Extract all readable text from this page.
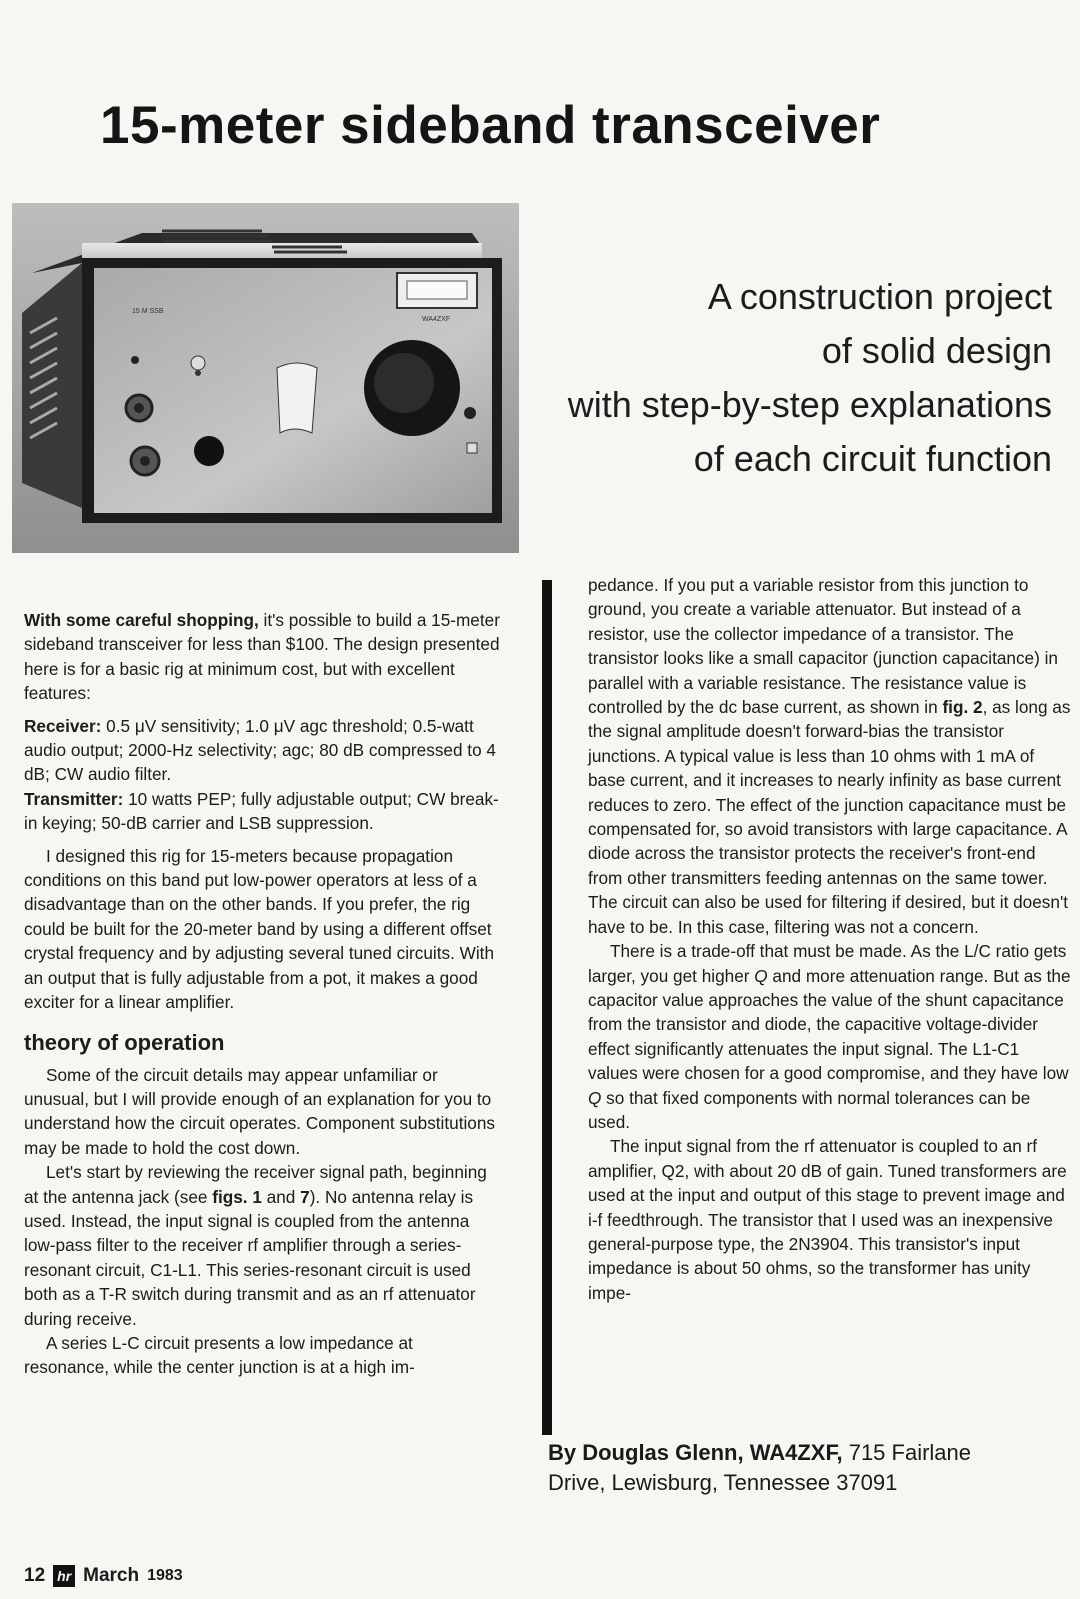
15-meter sideband transceiver
15 M SSB
WA4ZXF
A construction project
of solid design
with step-by-step explanations
of each circuit function

With some careful shopping, it's possible to build a 15-meter sideband transceiver for less than $100. The design presented here is for a basic rig at minimum cost, but with excellent features:

Receiver: 0.5 μV sensitivity; 1.0 μV agc threshold; 0.5-watt audio output; 2000-Hz selectivity; agc; 80 dB compressed to 4 dB; CW audio filter.

Transmitter: 10 watts PEP; fully adjustable output; CW break-in keying; 50-dB carrier and LSB suppression.

I designed this rig for 15-meters because propagation conditions on this band put low-power operators at less of a disadvantage than on the other bands. If you prefer, the rig could be built for the 20-meter band by using a different offset crystal frequency and by adjusting several tuned circuits. With an output that is fully adjustable from a pot, it makes a good exciter for a linear amplifier.

theory of operation

Some of the circuit details may appear unfamiliar or unusual, but I will provide enough of an explanation for you to understand how the circuit operates. Component substitutions may be made to hold the cost down.

Let's start by reviewing the receiver signal path, beginning at the antenna jack (see figs. 1 and 7). No antenna relay is used. Instead, the input signal is coupled from the antenna low-pass filter to the receiver rf amplifier through a series-resonant circuit, C1-L1. This series-resonant circuit is used both as a T-R switch during transmit and as an rf attenuator during receive.

A series L-C circuit presents a low impedance at resonance, while the center junction is at a high im-

pedance. If you put a variable resistor from this junction to ground, you create a variable attenuator. But instead of a resistor, use the collector impedance of a transistor. The transistor looks like a small capacitor (junction capacitance) in parallel with a variable resistance. The resistance value is controlled by the dc base current, as shown in fig. 2, as long as the signal amplitude doesn't forward-bias the transistor junctions. A typical value is less than 10 ohms with 1 mA of base current, and it increases to nearly infinity as base current reduces to zero. The effect of the junction capacitance must be compensated for, so avoid transistors with large capacitance. A diode across the transistor protects the receiver's front-end from other transmitters feeding antennas on the same tower. The circuit can also be used for filtering if desired, but it doesn't have to be. In this case, filtering was not a concern.

There is a trade-off that must be made. As the L/C ratio gets larger, you get higher Q and more attenuation range. But as the capacitor value approaches the value of the shunt capacitance from the transistor and diode, the capacitive voltage-divider effect significantly attenuates the input signal. The L1-C1 values were chosen for a good compromise, and they have low Q so that fixed components with normal tolerances can be used.

The input signal from the rf attenuator is coupled to an rf amplifier, Q2, with about 20 dB of gain. Tuned transformers are used at the input and output of this stage to prevent image and i-f feedthrough. The transistor that I used was an inexpensive general-purpose type, the 2N3904. This transistor's input impedance is about 50 ohms, so the transformer has unity impe-

By Douglas Glenn, WA4ZXF, 715 Fairlane
Drive, Lewisburg, Tennessee 37091
12 hr March 1983
